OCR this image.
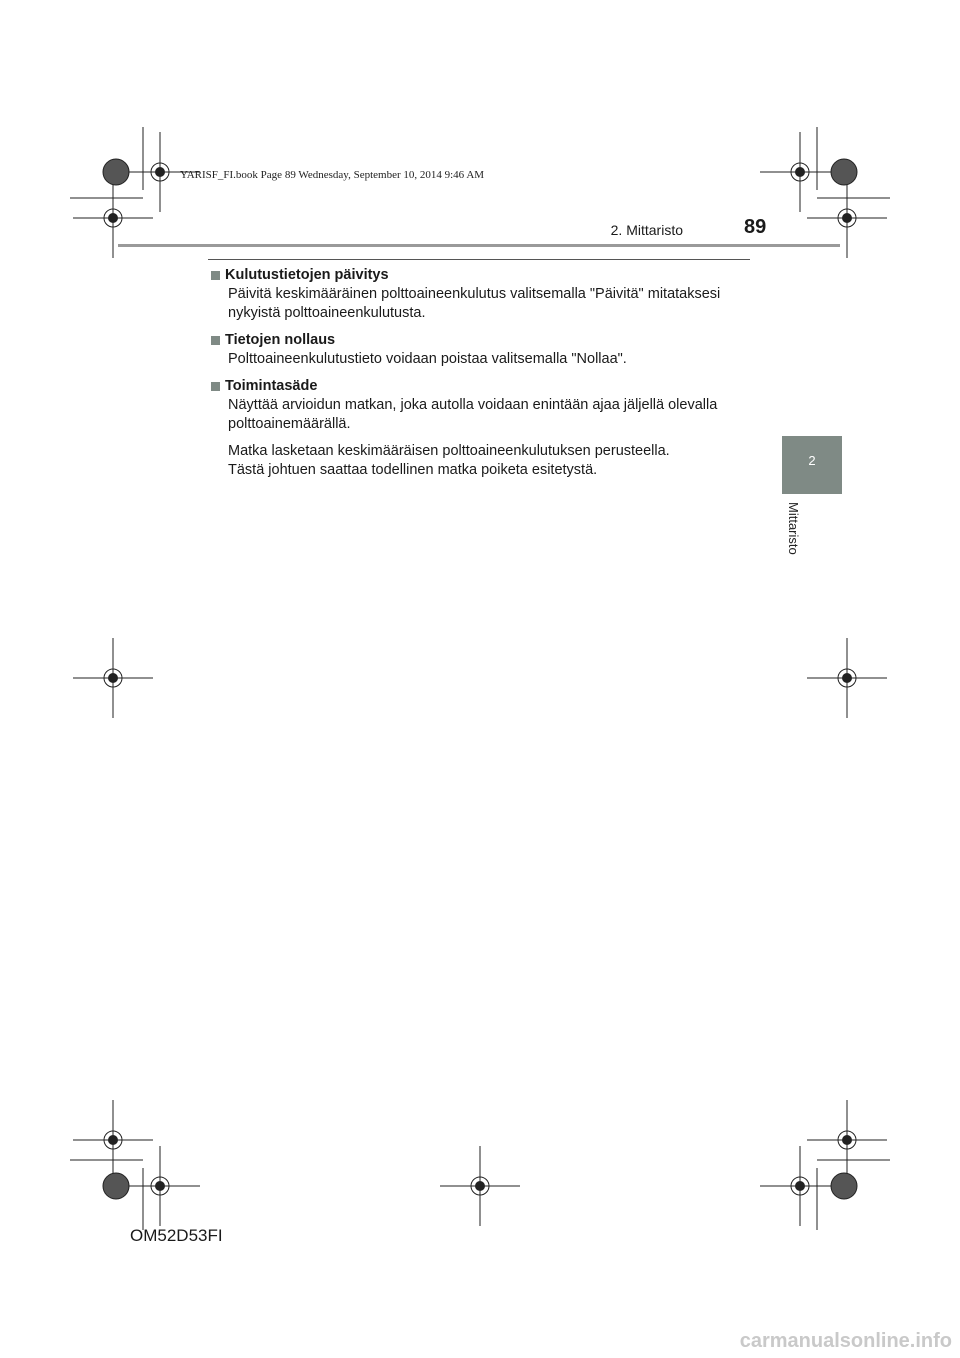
YARISF_FI.book Page 89 Wednesday, September 10, 2014 9:46 AM
2. Mittaristo	89
2
Mittaristo
Kulutustietojen päivitys
Päivitä keskimääräinen polttoaineenkulutus valitsemalla "Päivitä" mitataksesi
nykyistä polttoaineenkulutusta.
Tietojen nollaus
Polttoaineenkulutustieto voidaan poistaa valitsemalla "Nollaa".
Toimintasäde
Näyttää arvioidun matkan, joka autolla voidaan enintään ajaa jäljellä olevalla
polttoainemäärällä.
Matka lasketaan keskimääräisen polttoaineenkulutuksen perusteella.
Tästä johtuen saattaa todellinen matka poiketa esitetystä.
OM52D53FI
carmanualsonline.info
